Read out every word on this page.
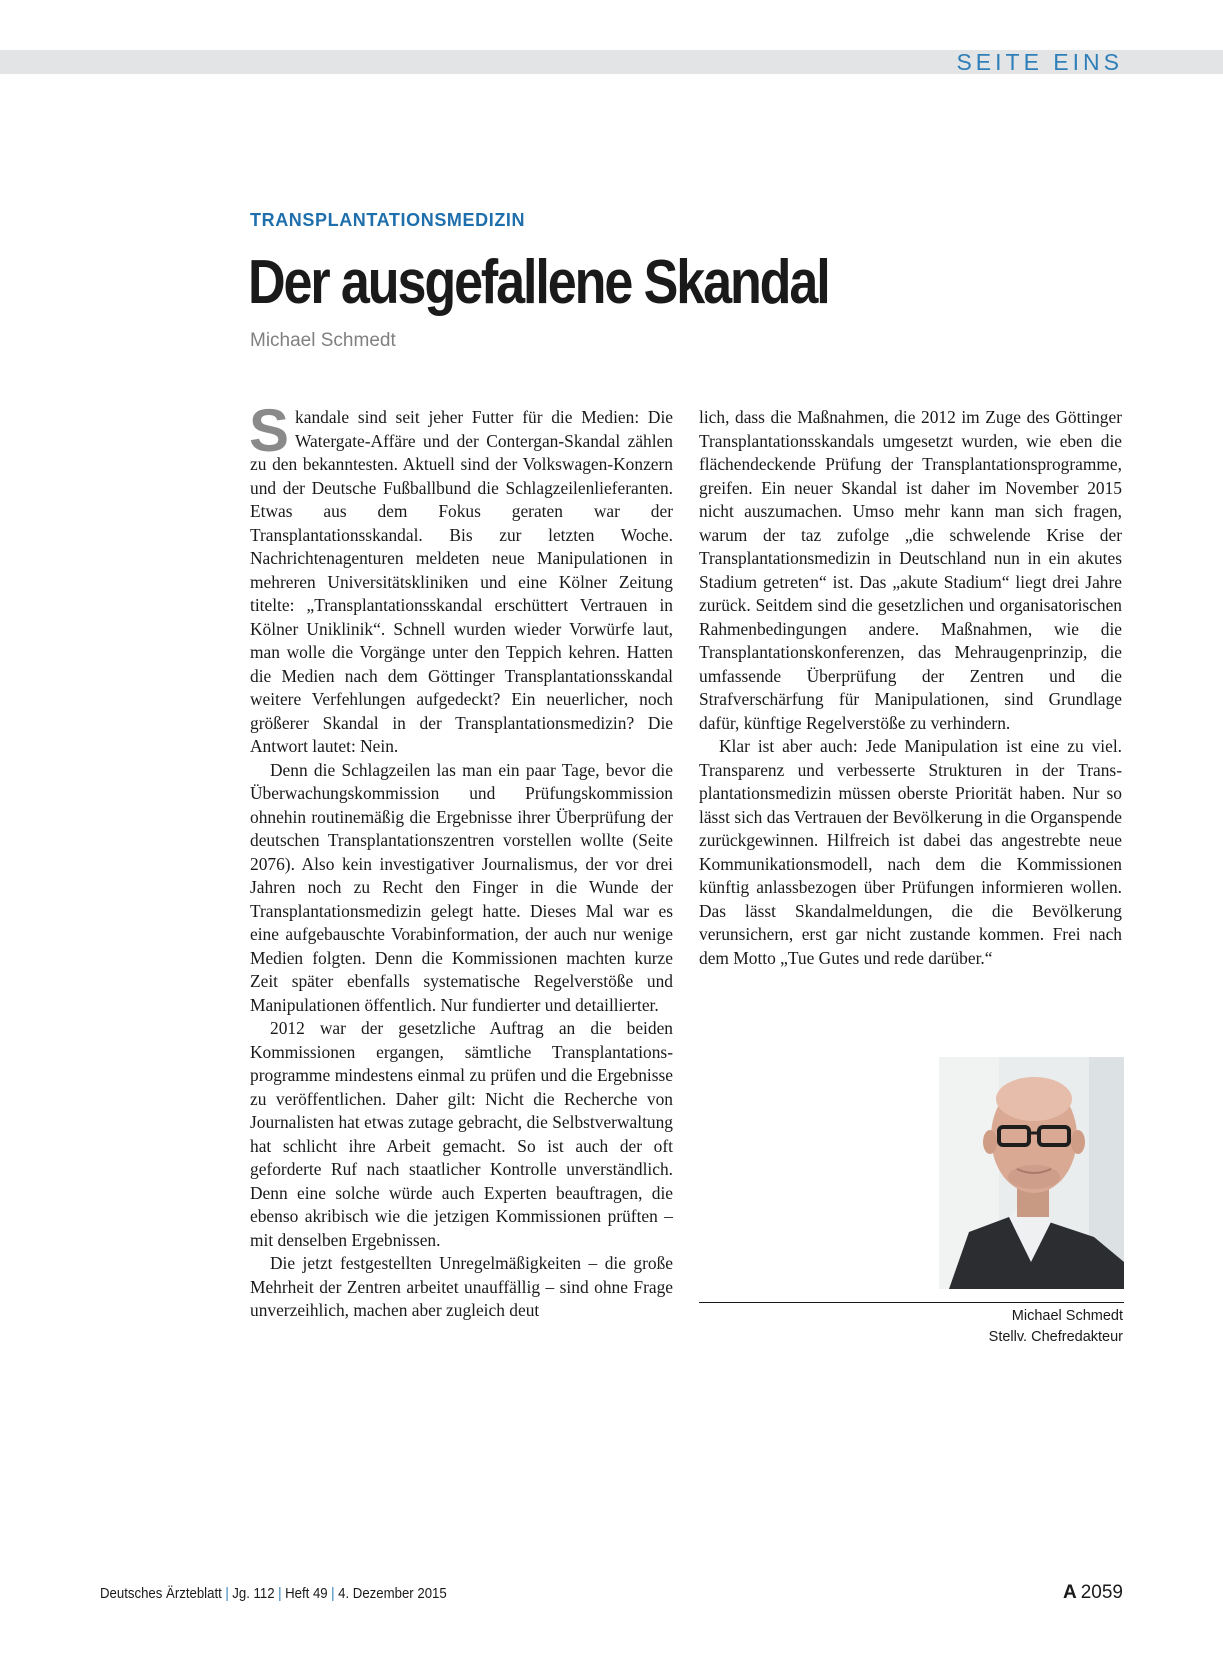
SEITE EINS
TRANSPLANTATIONSMEDIZIN
Der ausgefallene Skandal
Michael Schmedt

Skandale sind seit jeher Futter für die Medien: Die Watergate-Affäre und der Contergan-Skandal zählen zu den bekanntesten. Aktuell sind der Volkswagen-Konzern und der Deutsche Fußballbund die Schlagzeilenlieferanten. Etwas aus dem Fokus geraten war der Transplantationsskandal. Bis zur letzten Woche. Nachrichtenagenturen meldeten neue Manipulationen in mehreren Universitätskliniken und eine Kölner Zeitung titelte: „Transplantationsskandal erschüttert Vertrauen in Kölner Uniklinik“. Schnell wurden wieder Vorwürfe laut, man wolle die Vorgänge unter den Teppich kehren. Hatten die Medien nach dem Göttinger Transplantationsskandal weitere Verfehlungen aufgedeckt? Ein neuerlicher, noch größerer Skandal in der Transplantationsmedizin? Die Antwort lautet: Nein.

Denn die Schlagzeilen las man ein paar Tage, bevor die Überwachungskommission und Prüfungskommission ohnehin routinemäßig die Ergebnisse ihrer Überprüfung der deutschen Transplantationszentren vorstellen wollte (Seite 2076). Also kein investigativer Journalismus, der vor drei Jahren noch zu Recht den Finger in die Wunde der Transplantationsmedizin gelegt hatte. Dieses Mal war es eine aufgebauschte Vorabinformation, der auch nur wenige Medien folgten. Denn die Kommissionen machten kurze Zeit später ebenfalls systematische Regelverstöße und Manipulationen öffentlich. Nur fundierter und detaillierter.

2012 war der gesetzliche Auftrag an die beiden Kommissionen ergangen, sämtliche Transplantationsprogramme mindestens einmal zu prüfen und die Ergebnisse zu veröffentlichen. Daher gilt: Nicht die Recherche von Journalisten hat etwas zutage gebracht, die Selbstverwaltung hat schlicht ihre Arbeit gemacht. So ist auch der oft geforderte Ruf nach staatlicher Kontrolle unverständlich. Denn eine solche würde auch Experten beauftragen, die ebenso akribisch wie die jetzigen Kommissionen prüften – mit denselben Ergebnissen.

Die jetzt festgestellten Unregelmäßigkeiten – die große Mehrheit der Zentren arbeitet unauffällig – sind ohne Frage unverzeihlich, machen aber zugleich deut

lich, dass die Maßnahmen, die 2012 im Zuge des Göttinger Transplantationsskandals umgesetzt wurden, wie eben die flächendeckende Prüfung der Transplantationsprogramme, greifen. Ein neuer Skandal ist daher im November 2015 nicht auszumachen. Umso mehr kann man sich fragen, warum der taz zufolge „die schwelende Krise der Transplantationsmedizin in Deutschland nun in ein akutes Stadium getreten“ ist. Das „akute Stadium“ liegt drei Jahre zurück. Seitdem sind die gesetzlichen und organisatorischen Rahmenbedingungen andere. Maßnahmen, wie die Transplantationskonferenzen, das Mehraugenprinzip, die umfassende Überprüfung der Zentren und die Strafverschärfung für Manipulationen, sind Grundlage dafür, künftige Regelverstöße zu verhindern.

Klar ist aber auch: Jede Manipulation ist eine zu viel. Transparenz und verbesserte Strukturen in der Transplantationsmedizin müssen oberste Priorität haben. Nur so lässt sich das Vertrauen der Bevölkerung in die Organspende zurückgewinnen. Hilfreich ist dabei das angestrebte neue Kommunikationsmodell, nach dem die Kommissionen künftig anlassbezogen über Prüfungen informieren wollen. Das lässt Skandalmeldungen, die die Bevölkerung verunsichern, erst gar nicht zustande kommen. Frei nach dem Motto „Tue Gutes und rede darüber.“

Michael Schmedt
Stellv. Chefredakteur
Deutsches Ärzteblatt | Jg. 112 | Heft 49 | 4. Dezember 2015	A 2059
